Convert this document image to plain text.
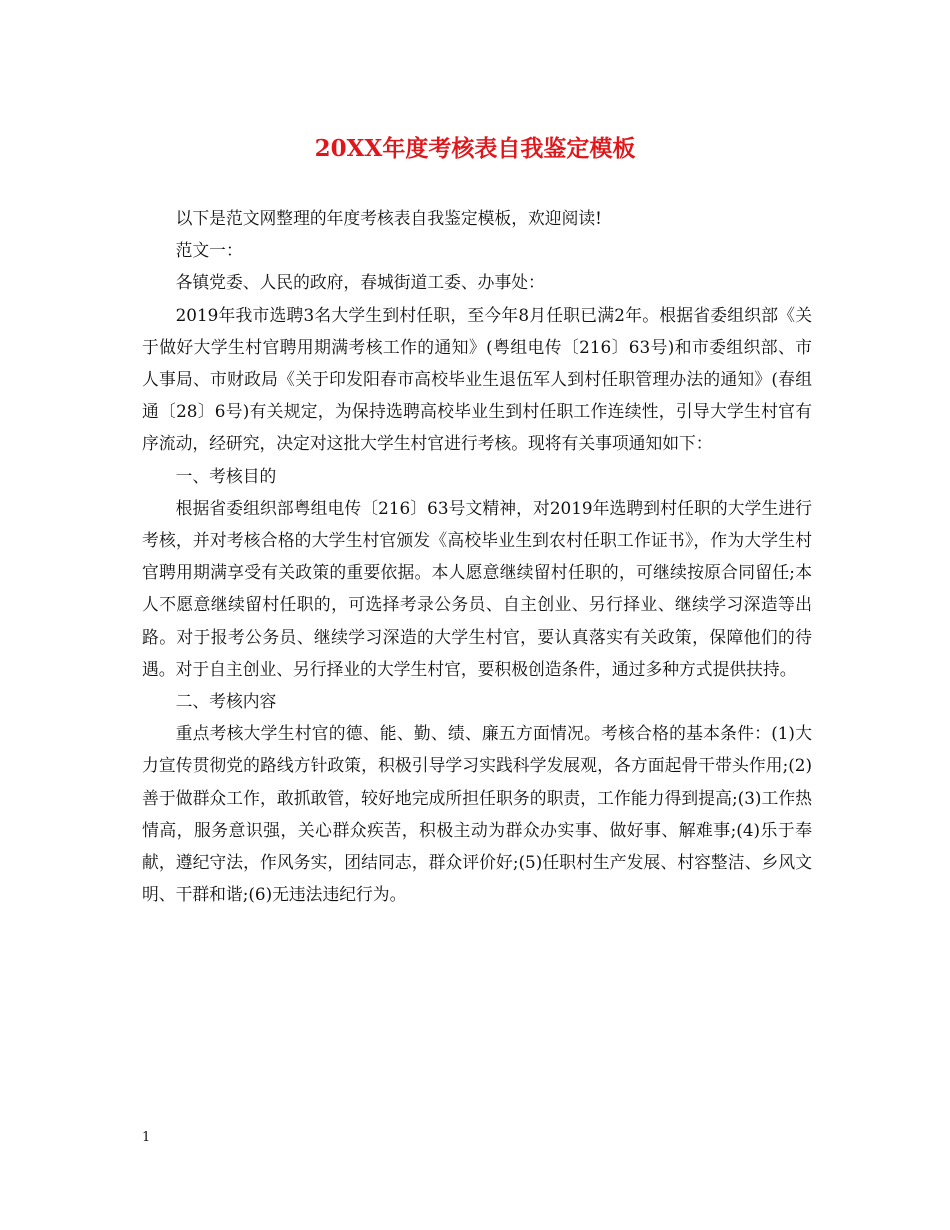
20XX年度考核表自我鉴定模板

以下是范文网整理的年度考核表自我鉴定模板，欢迎阅读!

范文一：

各镇党委、人民的政府，春城街道工委、办事处：

2019年我市选聘3名大学生到村任职，至今年8月任职已满2年。根据省委组织部《关于做好大学生村官聘用期满考核工作的通知》(粤组电传〔216〕63号)和市委组织部、市人事局、市财政局《关于印发阳春市高校毕业生退伍军人到村任职管理办法的通知》(春组通〔28〕6号)有关规定，为保持选聘高校毕业生到村任职工作连续性，引导大学生村官有序流动，经研究，决定对这批大学生村官进行考核。现将有关事项通知如下：

一、考核目的

根据省委组织部粤组电传〔216〕63号文精神，对2019年选聘到村任职的大学生进行考核，并对考核合格的大学生村官颁发《高校毕业生到农村任职工作证书》，作为大学生村官聘用期满享受有关政策的重要依据。本人愿意继续留村任职的，可继续按原合同留任;本人不愿意继续留村任职的，可选择考录公务员、自主创业、另行择业、继续学习深造等出路。对于报考公务员、继续学习深造的大学生村官，要认真落实有关政策，保障他们的待遇。对于自主创业、另行择业的大学生村官，要积极创造条件，通过多种方式提供扶持。

二、考核内容

重点考核大学生村官的德、能、勤、绩、廉五方面情况。考核合格的基本条件：(1)大力宣传贯彻党的路线方针政策，积极引导学习实践科学发展观，各方面起骨干带头作用;(2)善于做群众工作，敢抓敢管，较好地完成所担任职务的职责，工作能力得到提高;(3)工作热情高，服务意识强，关心群众疾苦，积极主动为群众办实事、做好事、解难事;(4)乐于奉献，遵纪守法，作风务实，团结同志，群众评价好;(5)任职村生产发展、村容整洁、乡风文明、干群和谐;(6)无违法违纪行为。

1
